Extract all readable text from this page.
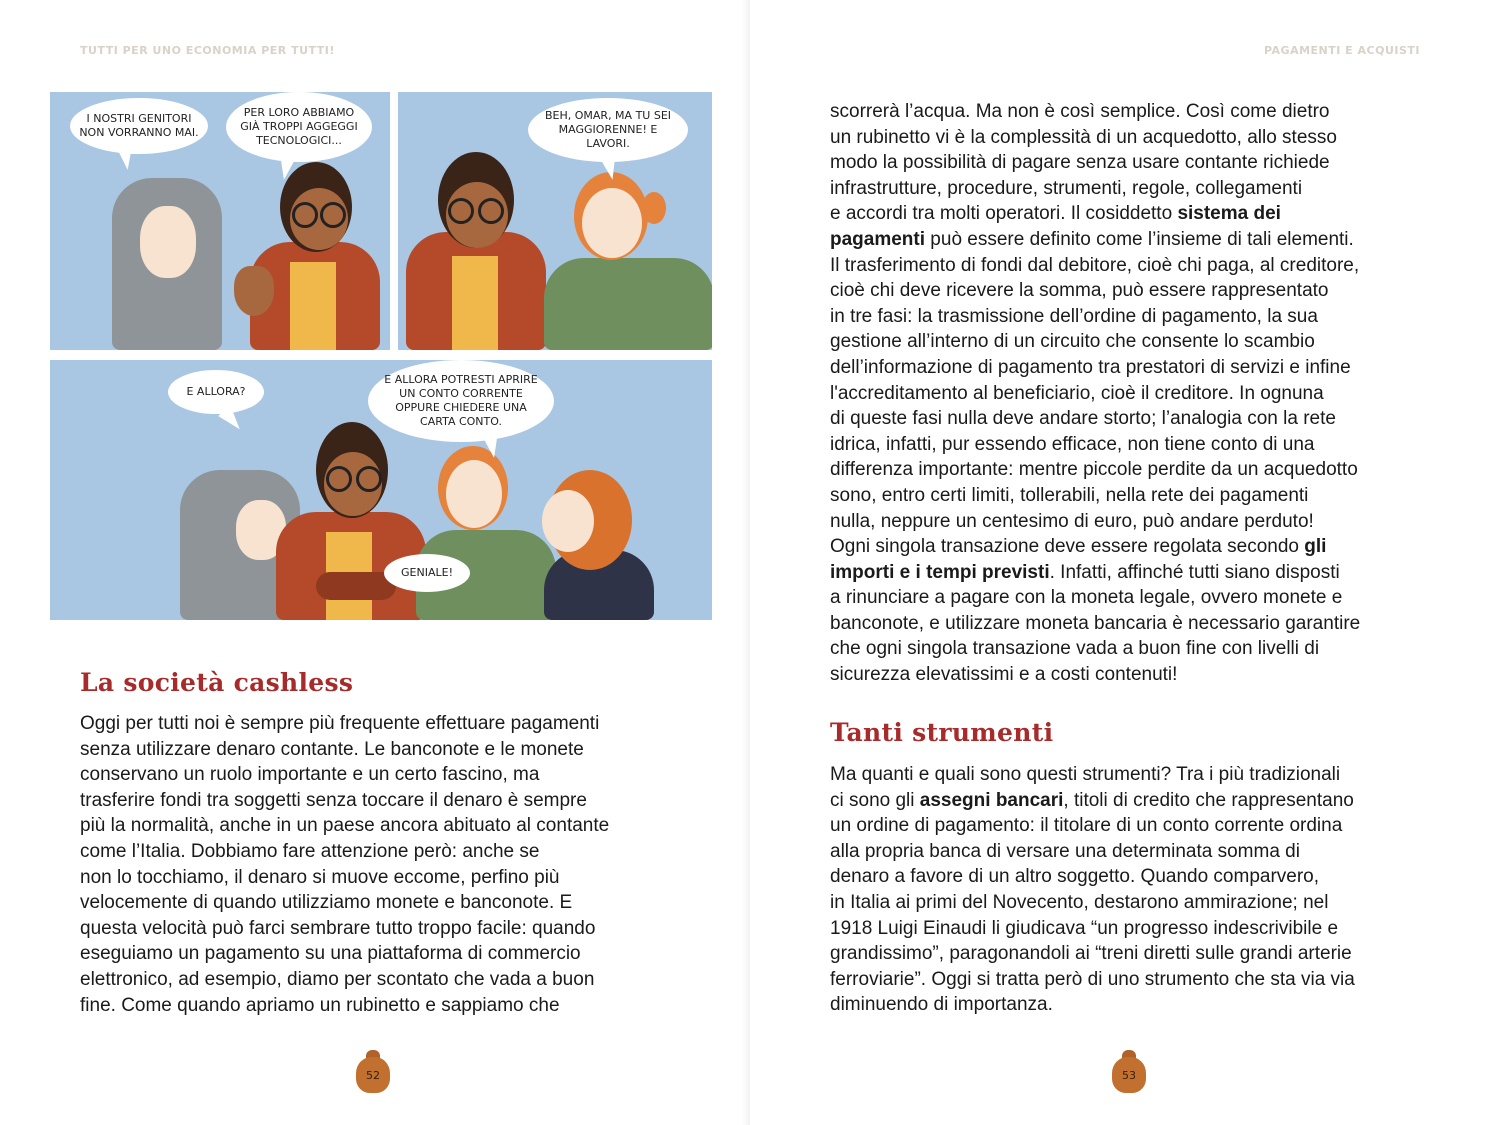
TUTTI PER UNO ECONOMIA PER TUTTI!
I NOSTRI GENITORI NON VORRANNO MAI.
PER LORO ABBIAMO GIÀ TROPPI AGGEGGI TECNOLOGICI...
BEH, OMAR, MA TU SEI MAGGIORENNE! E LAVORI.
E ALLORA?
E ALLORA POTRESTI APRIRE UN CONTO CORRENTE OPPURE CHIEDERE UNA CARTA CONTO.
GENIALE!
La società cashless

Oggi per tutti noi è sempre più frequente effettuare pagamenti
senza utilizzare denaro contante. Le banconote e le monete
conservano un ruolo importante e un certo fascino, ma
trasferire fondi tra soggetti senza toccare il denaro è sempre
più la normalità, anche in un paese ancora abituato al contante
come l’Italia. Dobbiamo fare attenzione però: anche se
non lo tocchiamo, il denaro si muove eccome, perfino più
velocemente di quando utilizziamo monete e banconote. E
questa velocità può farci sembrare tutto troppo facile: quando
eseguiamo un pagamento su una piattaforma di commercio
elettronico, ad esempio, diamo per scontato che vada a buon
fine. Come quando apriamo un rubinetto e sappiamo che

52
PAGAMENTI E ACQUISTI

scorrerà l’acqua. Ma non è così semplice. Così come dietro
un rubinetto vi è la complessità di un acquedotto, allo stesso
modo la possibilità di pagare senza usare contante richiede
infrastrutture, procedure, strumenti, regole, collegamenti
e accordi tra molti operatori. Il cosiddetto sistema dei
pagamenti può essere definito come l’insieme di tali elementi.
Il trasferimento di fondi dal debitore, cioè chi paga, al creditore,
cioè chi deve ricevere la somma, può essere rappresentato
in tre fasi: la trasmissione dell’ordine di pagamento, la sua
gestione all’interno di un circuito che consente lo scambio
dell’informazione di pagamento tra prestatori di servizi e infine
l'accreditamento al beneficiario, cioè il creditore. In ognuna
di queste fasi nulla deve andare storto; l’analogia con la rete
idrica, infatti, pur essendo efficace, non tiene conto di una
differenza importante: mentre piccole perdite da un acquedotto
sono, entro certi limiti, tollerabili, nella rete dei pagamenti
nulla, neppure un centesimo di euro, può andare perduto!
Ogni singola transazione deve essere regolata secondo gli
importi e i tempi previsti. Infatti, affinché tutti siano disposti
a rinunciare a pagare con la moneta legale, ovvero monete e
banconote, e utilizzare moneta bancaria è necessario garantire
che ogni singola transazione vada a buon fine con livelli di
sicurezza elevatissimi e a costi contenuti!

Tanti strumenti

Ma quanti e quali sono questi strumenti? Tra i più tradizionali
ci sono gli assegni bancari, titoli di credito che rappresentano
un ordine di pagamento: il titolare di un conto corrente ordina
alla propria banca di versare una determinata somma di
denaro a favore di un altro soggetto. Quando comparvero,
in Italia ai primi del Novecento, destarono ammirazione; nel
1918 Luigi Einaudi li giudicava “un progresso indescrivibile e
grandissimo”, paragonandoli ai “treni diretti sulle grandi arterie
ferroviarie”. Oggi si tratta però di uno strumento che sta via via
diminuendo di importanza.

53
